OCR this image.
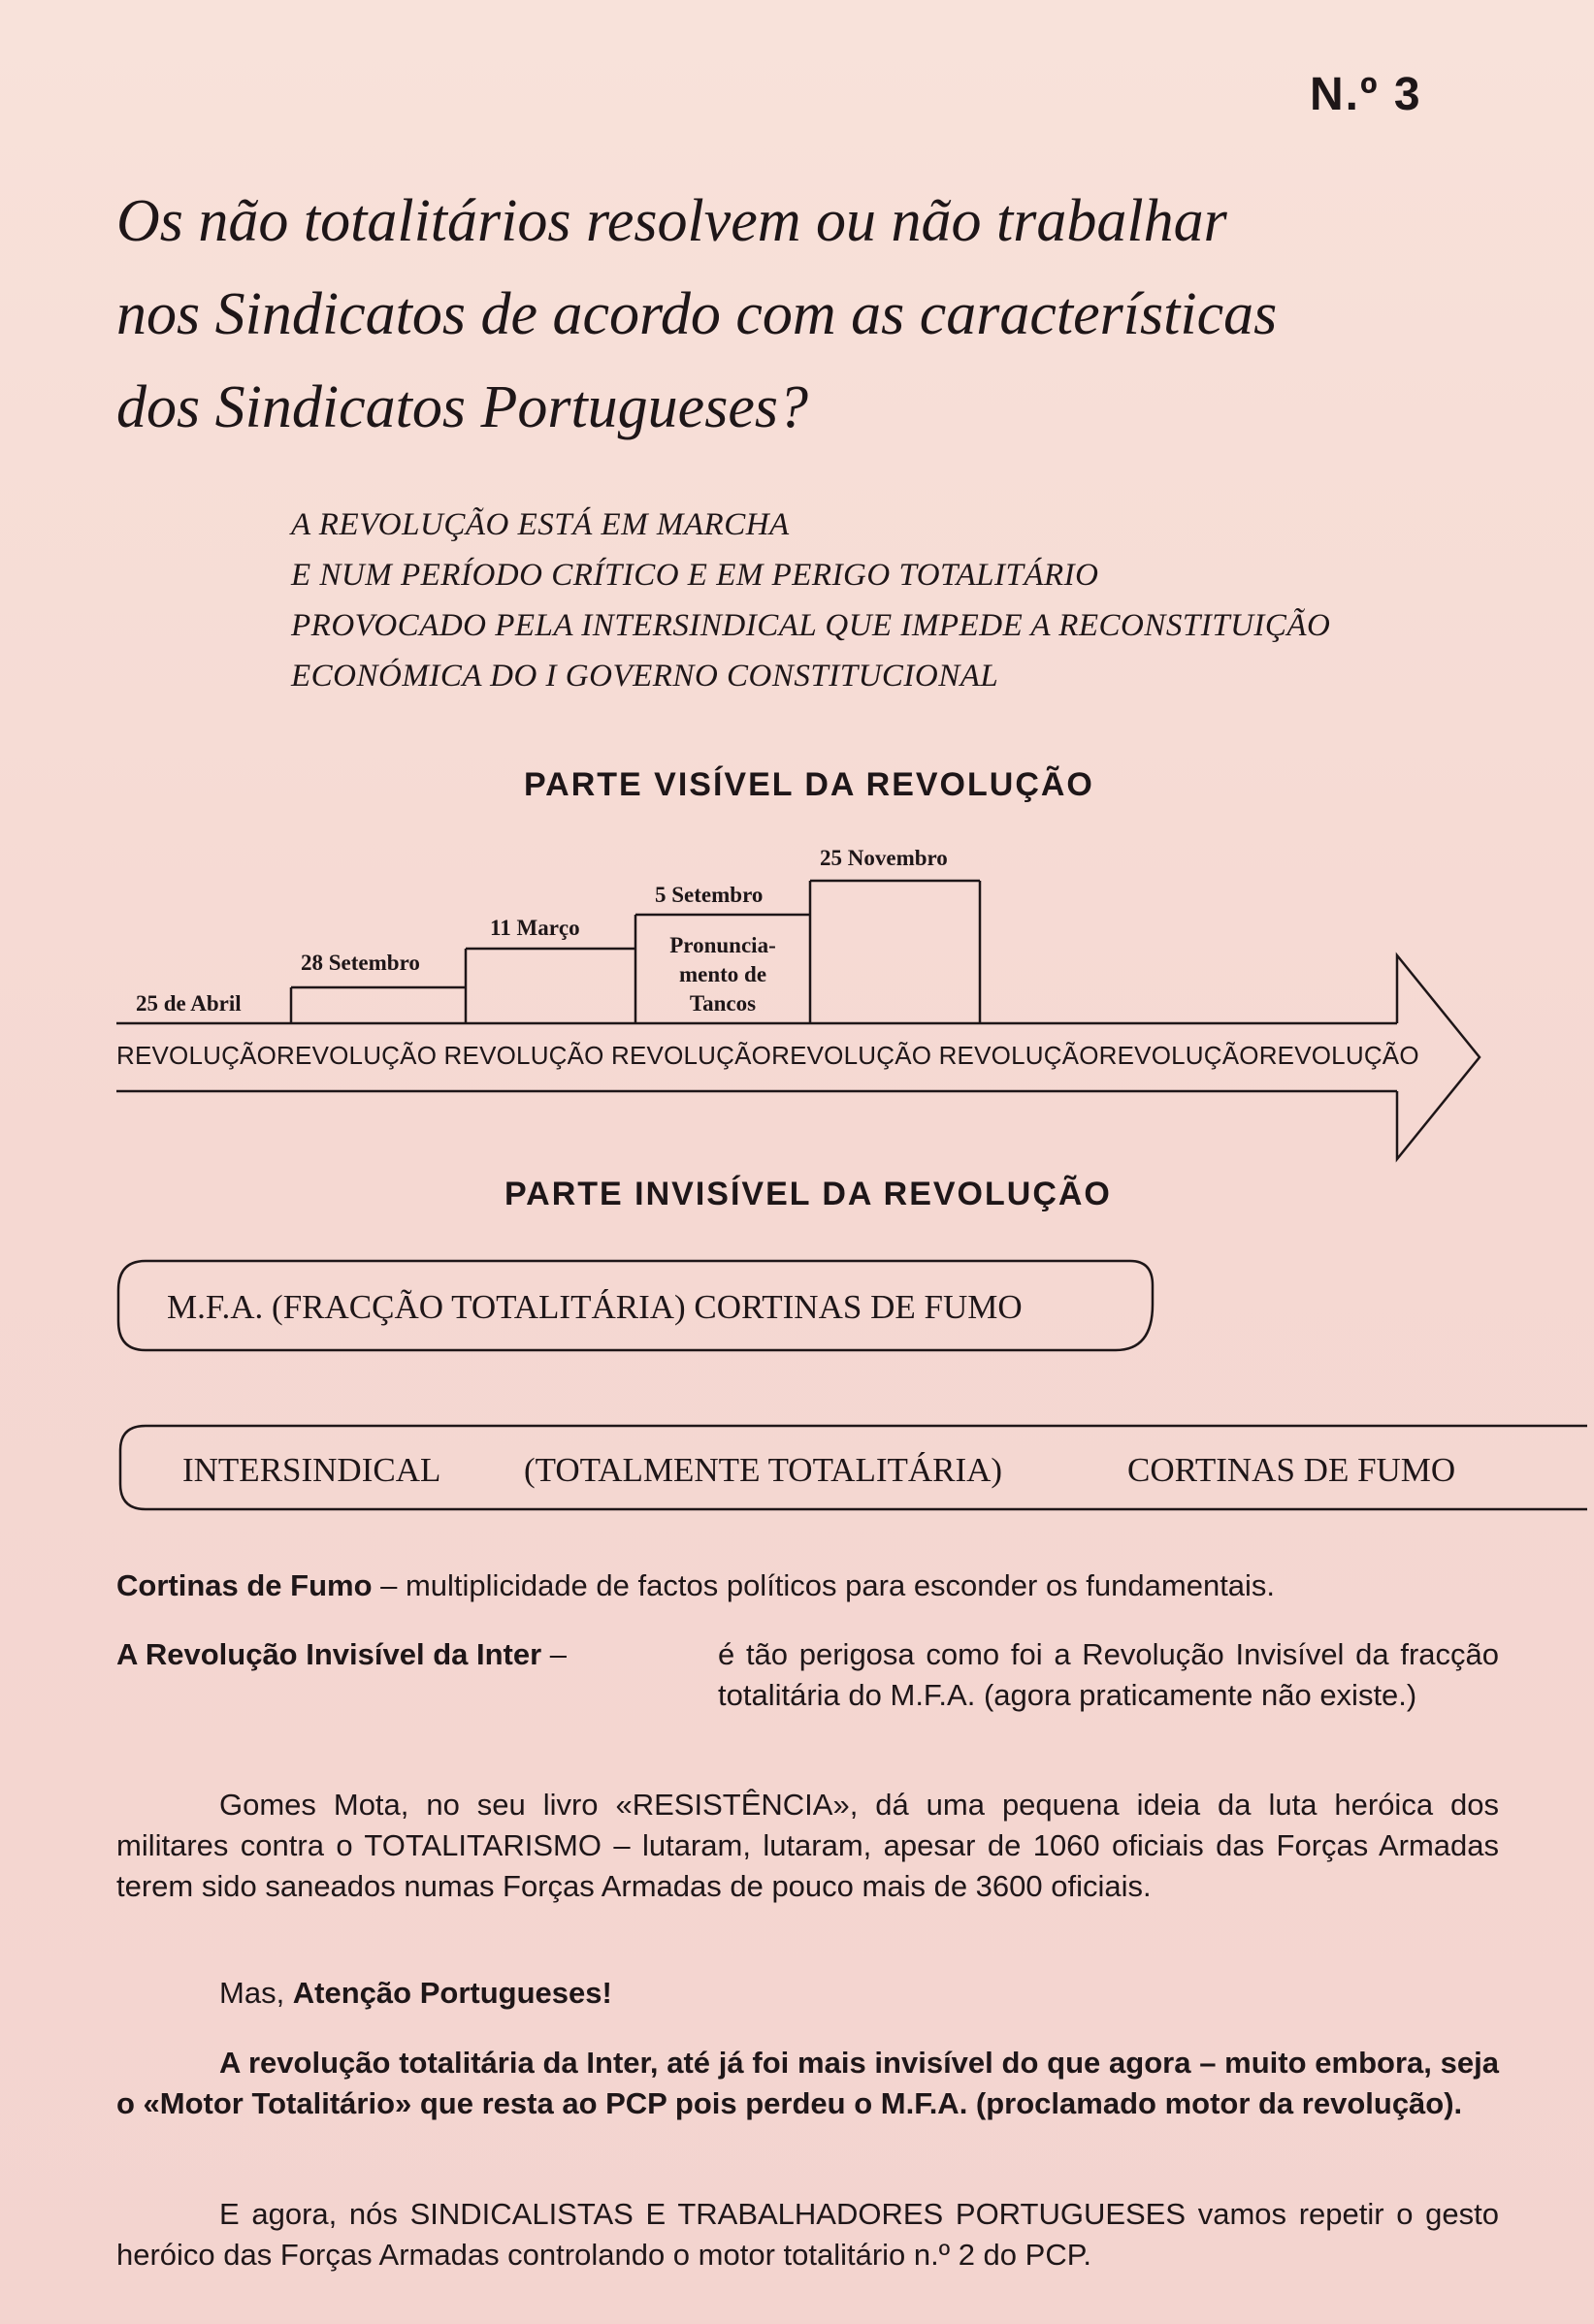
N.º 3
Os não totalitários resolvem ou não trabalhar
nos Sindicatos de acordo com as características
dos Sindicatos Portugueses?
A REVOLUÇÃO ESTÁ EM MARCHA
E NUM PERÍODO CRÍTICO E EM PERIGO TOTALITÁRIO
PROVOCADO PELA INTERSINDICAL QUE IMPEDE A RECONSTITUIÇÃO
ECONÓMICA DO I GOVERNO CONSTITUCIONAL
PARTE VISÍVEL DA REVOLUÇÃO
25 de Abril
28 Setembro
11 Março
5 Setembro
25 Novembro
Pronuncia-
mento de
Tancos
REVOLUÇÃOREVOLUÇÃO REVOLUÇÃO REVOLUÇÃOREVOLUÇÃO REVOLUÇÃOREVOLUÇÃOREVOLUÇÃO
PARTE INVISÍVEL DA REVOLUÇÃO
M.F.A. (FRACÇÃO TOTALITÁRIA) CORTINAS DE FUMO
INTERSINDICAL (TOTALMENTE TOTALITÁRIA)	CORTINAS DE FUMO
Cortinas de Fumo – multiplicidade de factos políticos para esconder os fundamentais.
A Revolução Invisível da Inter –	é tão perigosa como foi a Revolução Invisível da fracção totalitária do M.F.A. (agora praticamente não existe.)
Gomes Mota, no seu livro «RESISTÊNCIA», dá uma pequena ideia da luta heróica dos militares contra o TOTALITARISMO – lutaram, lutaram, apesar de 1060 oficiais das Forças Armadas terem sido saneados numas Forças Armadas de pouco mais de 3600 oficiais.
Mas, Atenção Portugueses!
A revolução totalitária da Inter, até já foi mais invisível do que agora – muito embora, seja o «Motor Totalitário» que resta ao PCP pois perdeu o M.F.A. (proclamado motor da revolução).
E agora, nós SINDICALISTAS E TRABALHADORES PORTUGUESES vamos repetir o gesto heróico das Forças Armadas controlando o motor totalitário n.º 2 do PCP.
